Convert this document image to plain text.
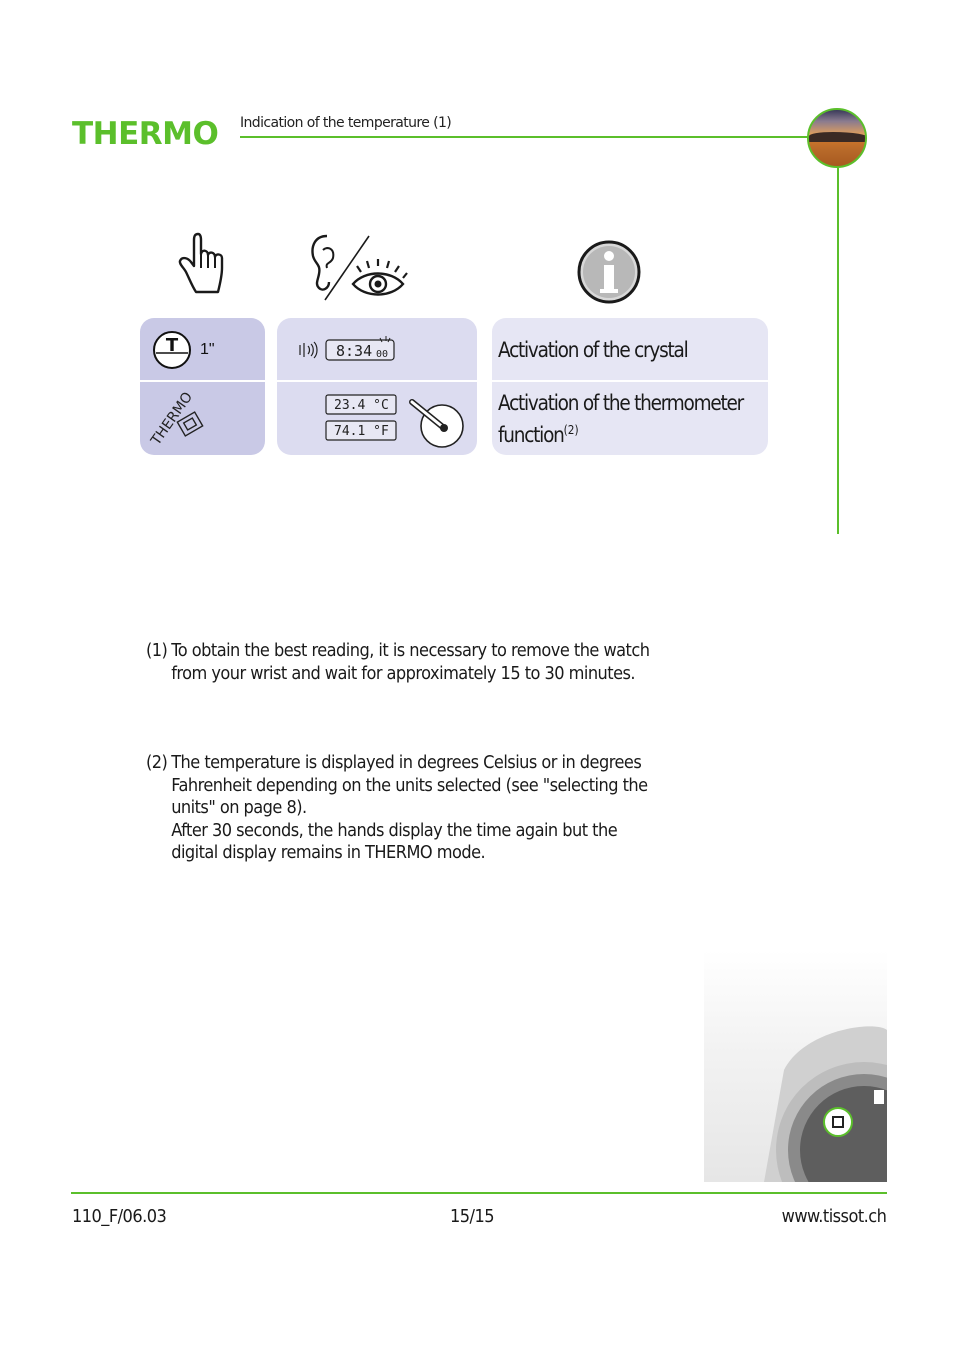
THERMO Indication of the temperature (1)
T 1"
THERMO
8:34 00
23.4 °C
74.1 °F
Activation of the crystal
Activation of the thermometer function$^{(2)}$
(1) To obtain the best reading, it is necessary to remove the watch from your wrist and wait for approximately 15 to 30 minutes.
(2) The temperature is displayed in degrees Celsius or in degrees Fahrenheit depending on the units selected (see "selecting the units" on page 8).
After 30 seconds, the hands display the time again but the digital display remains in THERMO mode.
110_F/06.03	15/15	www.tissot.ch
